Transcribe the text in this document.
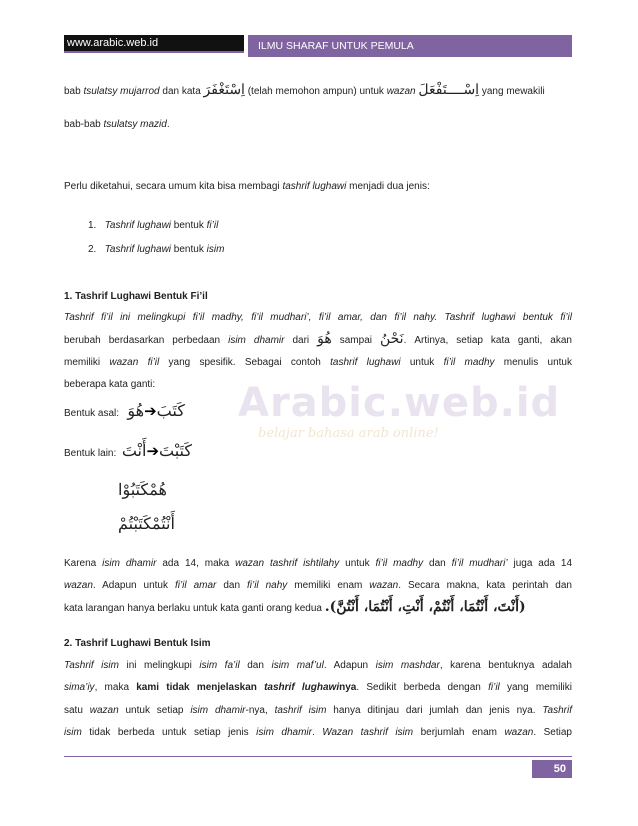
www.arabic.web.id	ILMU SHARAF UNTUK PEMULA
bab tsulatsy mujarrod dan kata اِسْتَغْفَرَ (telah memohon ampun) untuk wazan اِسْــــتَفْعَلَ yang mewakili
bab-bab tsulatsy mazid.
Perlu diketahui, secara umum kita bisa membagi tashrif lughawi menjadi dua jenis:
1. Tashrif lughawi bentuk fi’il
2. Tashrif lughawi bentuk isim
1. Tashrif Lughawi Bentuk Fi’il
Tashrif fi’il ini melingkupi fi’il madhy, fi’il mudhari’, fi’il amar, dan fi’il nahy. Tashrif lughawi bentuk fi’il
berubah berdasarkan perbedaan isim dhamir dari هُوَ sampai نَحْنُ. Artinya, setiap kata ganti, akan
memiliki wazan fi’il yang spesifik. Sebagai contoh tashrif lughawi untuk fi’il madhy menulis untuk
beberapa kata ganti:	Arabic.web.id
belajar bahasa arab online!
Bentuk asal:   كَتَبَ➔هُوَ
Bentuk lain:  كَتَبْتَ➔أَنْتَ
هُمْكَتَبُوْا
أَنْتُمْكَتَبْتُمْ
Karena isim dhamir ada 14, maka wazan tashrif ishtilahy untuk fi’il madhy dan fi’il mudhari’ juga ada 14
wazan. Adapun untuk fi’il amar dan fi’il nahy memiliki enam wazan. Secara makna, kata perintah dan
kata larangan hanya berlaku untuk kata ganti orang kedua (أَنْتَ، أَنْتُمَا، أَنْتُمْ، أَنْتِ، أَنْتُمَا، أَنْتُنَّ).
2. Tashrif Lughawi Bentuk Isim
Tashrif isim ini melingkupi isim fa’il dan isim maf’ul. Adapun isim mashdar, karena bentuknya adalah
sima’iy, maka kami tidak menjelaskan tashrif lughawinya. Sedikit berbeda dengan fi’il yang memiliki
satu wazan untuk setiap isim dhamir-nya, tashrif isim hanya ditinjau dari jumlah dan jenis nya. Tashrif
isim tidak berbeda untuk setiap jenis isim dhamir. Wazan tashrif isim berjumlah enam wazan. Setiap
50
